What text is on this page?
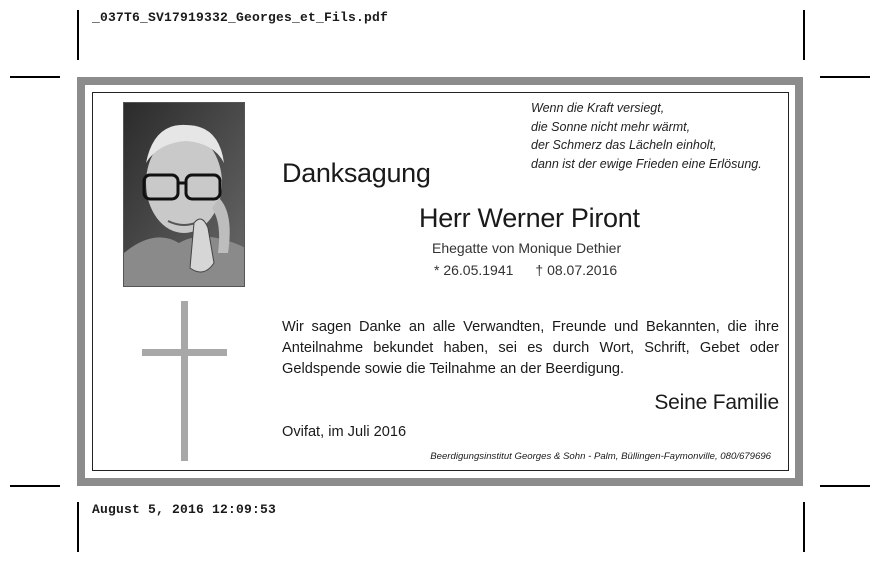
_037T6_SV17919332_Georges_et_Fils.pdf
August 5, 2016 12:09:53
Wenn die Kraft versiegt,
die Sonne nicht mehr wärmt,
der Schmerz das Lächeln einholt,
dann ist der ewige Frieden eine Erlösung.
Danksagung
Herr Werner Piront
Ehegatte von Monique Dethier
* 26.05.1941 † 08.07.2016
Wir sagen Danke an alle Verwandten, Freunde und Bekannten, die ihre Anteilnahme bekundet haben, sei es durch Wort, Schrift, Gebet oder Geldspende sowie die Teilnahme an der Beerdigung.
Seine Familie
Ovifat, im Juli 2016
Beerdigungsinstitut Georges & Sohn - Palm, Büllingen-Faymonville, 080/679696
